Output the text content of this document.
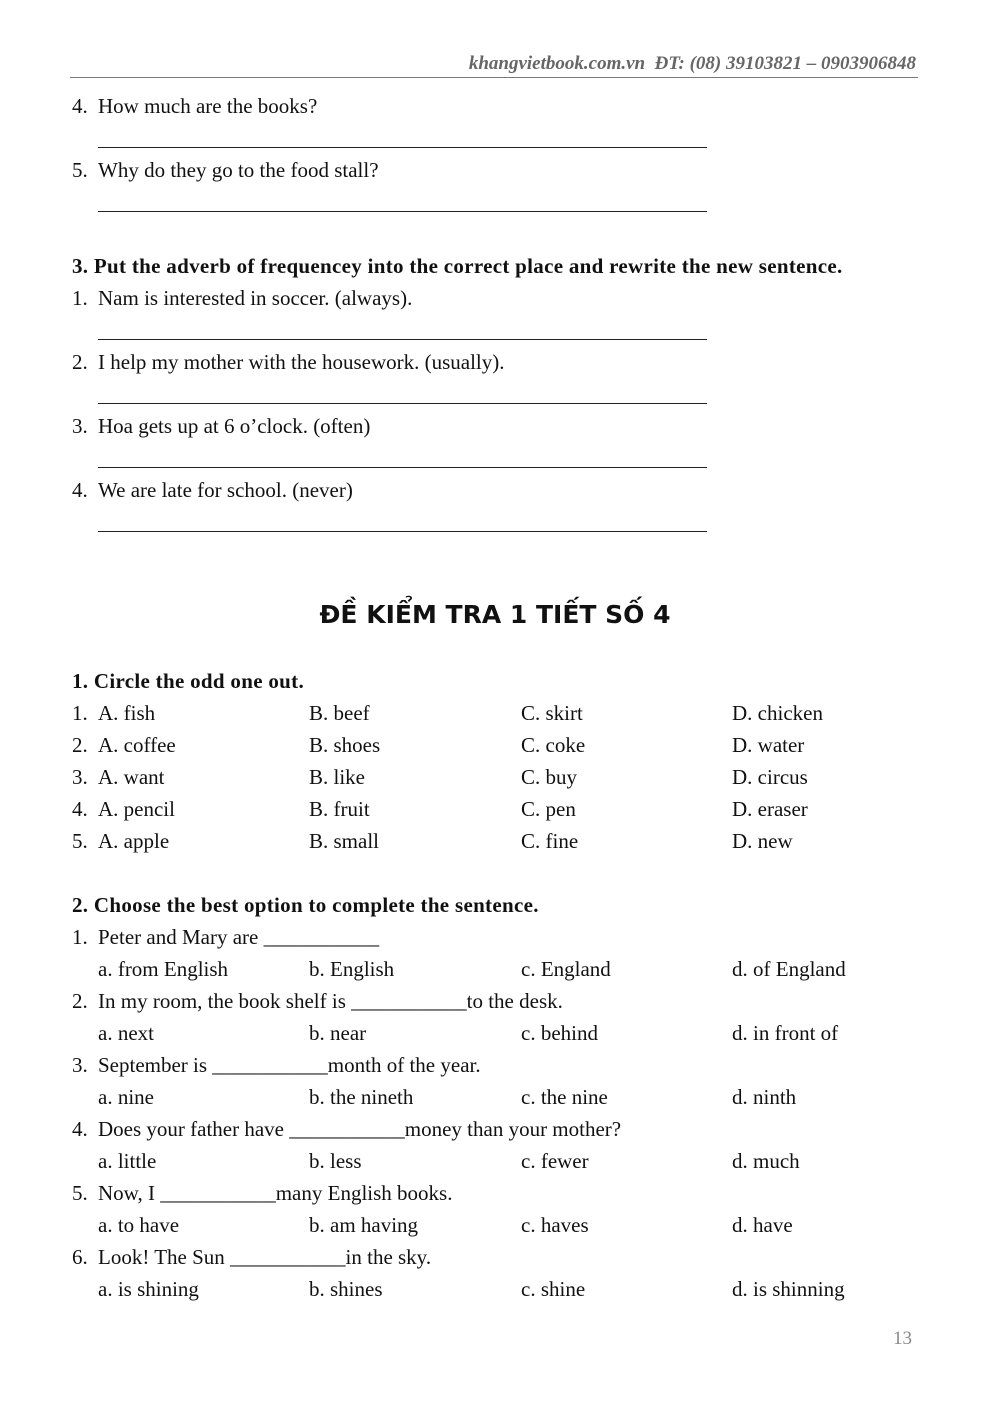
khangvietbook.com.vn  ĐT: (08) 39103821 – 0903906848
ĐỀ KIỂM TRA 1 TIẾT SỐ 4
13
4. How much are the books?
5. Why do they go to the food stall?
3. Put the adverb of frequencey into the correct place and rewrite the new sentence.
1. Nam is interested in soccer. (always).
2. I help my mother with the housework. (usually).
3. Hoa gets up at 6 o’clock. (often)
4. We are late for school. (never)
1. Circle the odd one out.
1. A. fish	B. beef	C. skirt	D. chicken
2. A. coffee	B. shoes	C. coke	D. water
3. A. want	B. like	C. buy	D. circus
4. A. pencil	B. fruit	C. pen	D. eraser
5. A. apple	B. small	C. fine	D. new
2. Choose the best option to complete the sentence.
1. Peter and Mary are ___________
a. from English	b. English	c. England	d. of England
2. In my room, the book shelf is ___________to the desk.
a. next	b. near	c. behind	d. in front of
3. September is ___________month of the year.
a. nine	b. the nineth	c. the nine	d. ninth
4. Does your father have ___________money than your mother?
a. little	b. less	c. fewer	d. much
5. Now, I ___________many English books.
a. to have	b. am having	c. haves	d. have
6. Look! The Sun ___________in the sky.
a. is shining	b. shines	c. shine	d. is shinning
